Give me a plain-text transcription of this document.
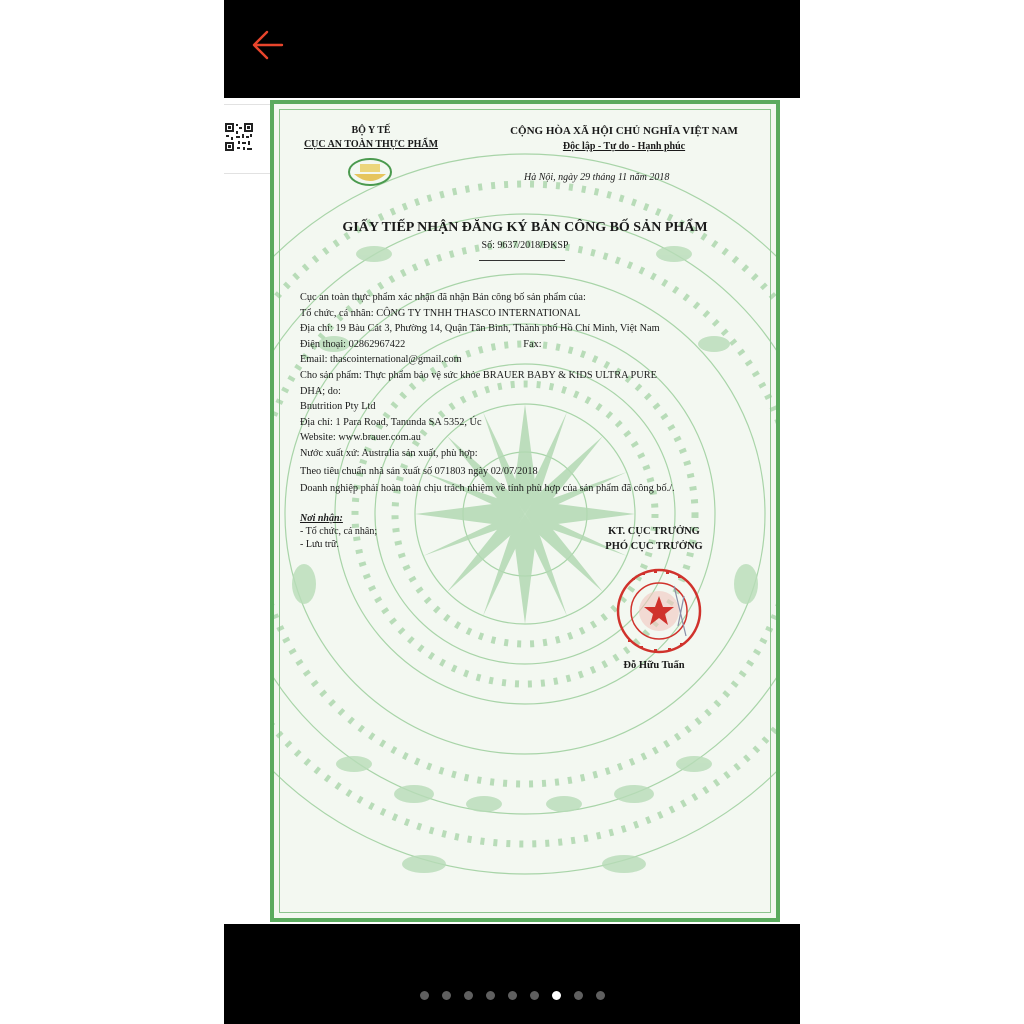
BỘ Y TẾ
CỤC AN TOÀN THỰC PHẨM
CỘNG HÒA XÃ HỘI CHỦ NGHĨA VIỆT NAM
Độc lập - Tự do - Hạnh phúc
Hà Nội, ngày 29 tháng 11 năm 2018
GIẤY TIẾP NHẬN ĐĂNG KÝ BẢN CÔNG BỐ SẢN PHẨM
Số: 9637/2018/ĐKSP
Cục an toàn thực phẩm xác nhận đã nhận Bản công bố sản phẩm của:
Tổ chức, cá nhân: CÔNG TY TNHH THASCO INTERNATIONAL
Địa chỉ: 19 Bàu Cát 3, Phường 14, Quận Tân Bình, Thành phố Hồ Chí Minh, Việt Nam
Điện thoại: 02862967422	Fax:
Email: thascointernational@gmail.com
Cho sản phẩm: Thực phẩm bảo vệ sức khỏe BRAUER BABY & KIDS ULTRA PURE
DHA; do:
Bnutrition Pty Ltd
Địa chỉ: 1 Para Road, Tanunda SA 5352, Úc
Website: www.brauer.com.au
Nước xuất xứ: Australia sản xuất, phù hợp:
Theo tiêu chuẩn nhà sản xuất số 071803 ngày 02/07/2018
Doanh nghiệp phải hoàn toàn chịu trách nhiệm về tính phù hợp của sản phẩm đã công bố./.
Nơi nhận:
- Tổ chức, cá nhân;
- Lưu trữ.
KT. CỤC TRƯỞNG
PHÓ CỤC TRƯỞNG
Đỗ Hữu Tuấn
